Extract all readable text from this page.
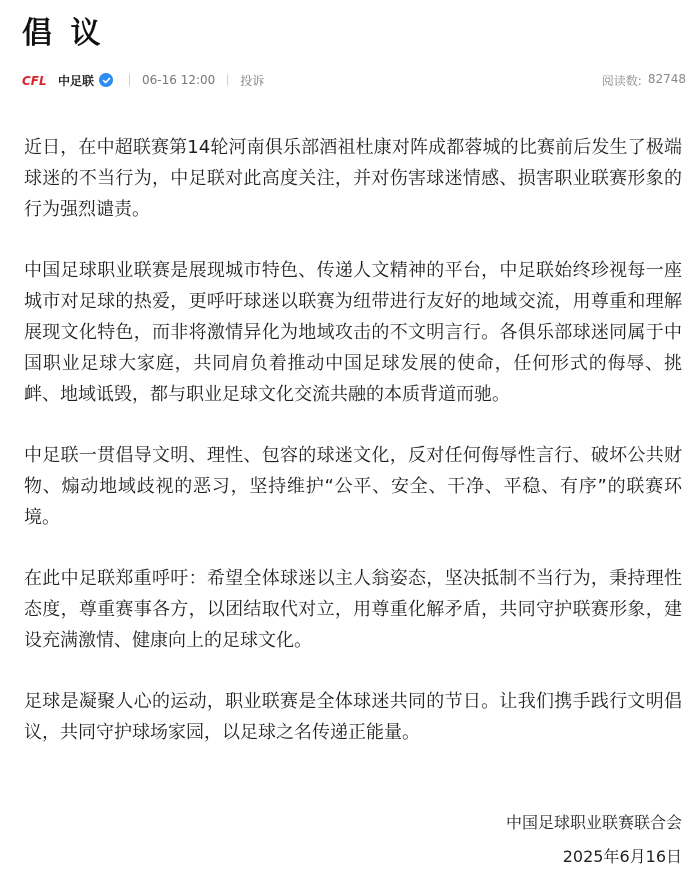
倡 议
CFL 中足联	06-16 12:00 投诉	阅读数: 82748

近日，在中超联赛第14轮河南俱乐部酒祖杜康对阵成都蓉城的比赛前后发生了极端球迷的不当行为，中足联对此高度关注，并对伤害球迷情感、损害职业联赛形象的行为强烈谴责。

中国足球职业联赛是展现城市特色、传递人文精神的平台，中足联始终珍视每一座城市对足球的热爱，更呼吁球迷以联赛为纽带进行友好的地域交流，用尊重和理解展现文化特色，而非将激情异化为地域攻击的不文明言行。各俱乐部球迷同属于中国职业足球大家庭，共同肩负着推动中国足球发展的使命，任何形式的侮辱、挑衅、地域诋毁，都与职业足球文化交流共融的本质背道而驰。

中足联一贯倡导文明、理性、包容的球迷文化，反对任何侮辱性言行、破坏公共财物、煽动地域歧视的恶习，坚持维护“公平、安全、干净、平稳、有序”的联赛环境。

在此中足联郑重呼吁：希望全体球迷以主人翁姿态，坚决抵制不当行为，秉持理性态度，尊重赛事各方，以团结取代对立，用尊重化解矛盾，共同守护联赛形象，建设充满激情、健康向上的足球文化。

足球是凝聚人心的运动，职业联赛是全体球迷共同的节日。让我们携手践行文明倡议，共同守护球场家园，以足球之名传递正能量。

中国足球职业联赛联合会
2025年6月16日
